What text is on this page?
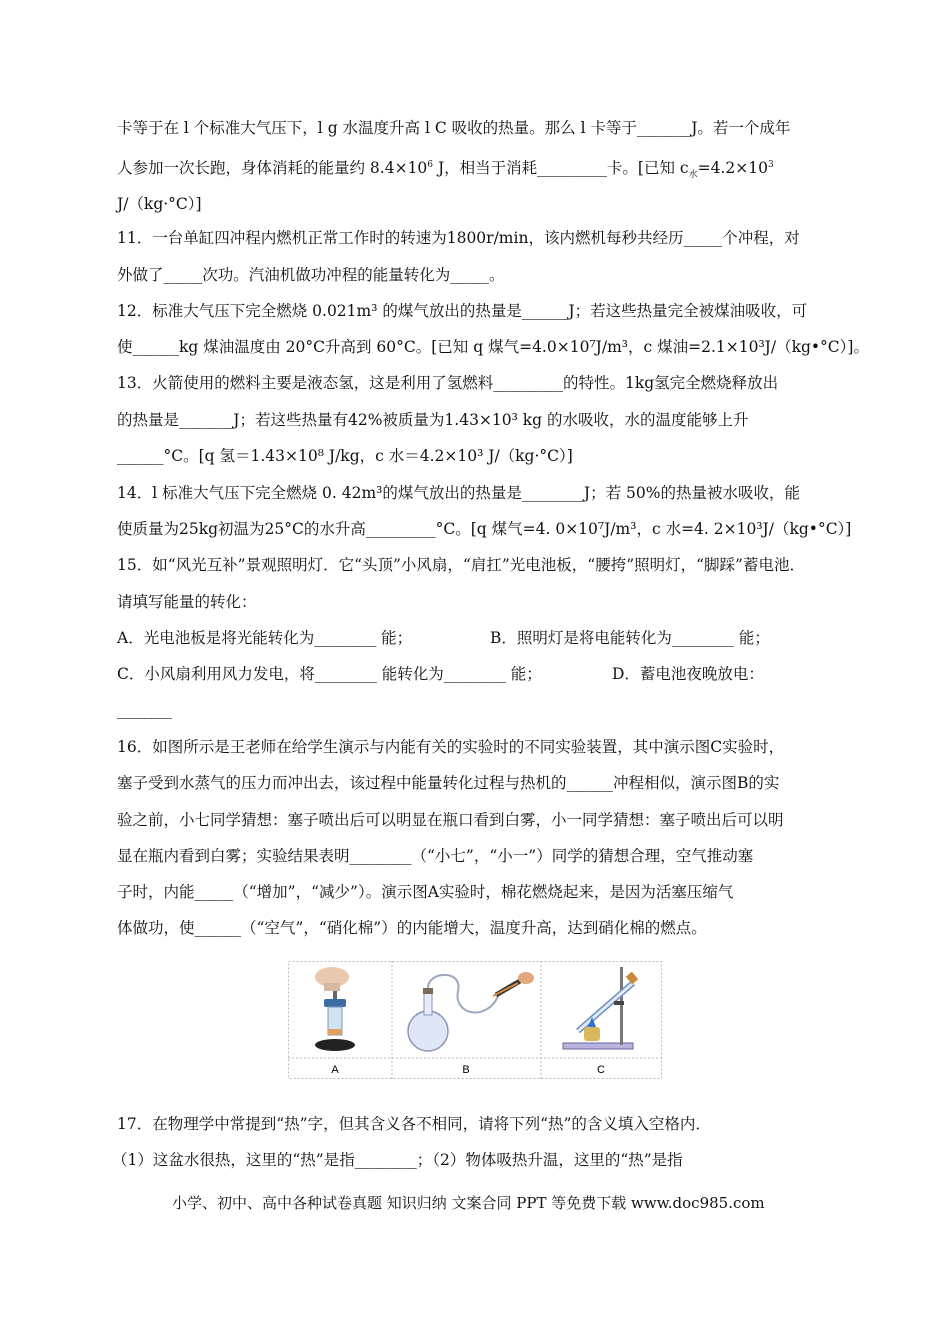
卡等于在 l 个标准大气压下，l g 水温度升高 l C 吸收的热量。那么 l 卡等于_______J。若一个成年
人参加一次长跑，身体消耗的能量约 $8.4\times 10^6$ J，相当于消耗_________卡。[已知 $c_水=4.2\times 10^3$
J/（kg·°C）]
11．一台单缸四冲程内燃机正常工作时的转速为1800r/min，该内燃机每秒共经历_____个冲程，对
外做了_____次功。汽油机做功冲程的能量转化为_____。
12．标准大气压下完全燃烧 0.021m³ 的煤气放出的热量是______J；若这些热量完全被煤油吸收，可
使______kg 煤油温度由 20°C升高到 60°C。[已知 q 煤气=4.0×10⁷J/m³，c 煤油=2.1×10³J/（kg•°C）]。
13．火箭使用的燃料主要是液态氢，这是利用了氢燃料_________的特性。1kg氢完全燃烧释放出
的热量是_______J；若这些热量有42%被质量为1.43×10³ kg 的水吸收，水的温度能够上升
______°C。[q 氢＝1.43×10⁸ J/kg，c 水＝4.2×10³ J/（kg·°C）]
14．l 标准大气压下完全燃烧 0. 42m³的煤气放出的热量是________J；若 50%的热量被水吸收，能
使质量为25kg初温为25°C的水升高_________°C。[q 煤气=4. 0×10⁷J/m³，c 水=4. 2×10³J/（kg•°C）]
15．如“风光互补”景观照明灯．它“头顶”小风扇，“肩扛”光电池板，“腰挎”照明灯，“脚踩”蓄电池．
请填写能量的转化：
A．光电池板是将光能转化为________ 能；	B．照明灯是将电能转化为________ 能；
C．小风扇利用风力发电，将________ 能转化为________ 能；	D．蓄电池夜晚放电：
________
16．如图所示是王老师在给学生演示与内能有关的实验时的不同实验装置，其中演示图C实验时，
塞子受到水蒸气的压力而冲出去，该过程中能量转化过程与热机的______冲程相似，演示图B的实
验之前，小七同学猜想：塞子喷出后可以明显在瓶口看到白雾，小一同学猜想：塞子喷出后可以明
显在瓶内看到白雾；实验结果表明________（“小七”，“小一”）同学的猜想合理，空气推动塞
子时，内能_____（“增加”，“减少”）。演示图A实验时，棉花燃烧起来，是因为活塞压缩气
体做功，使______（“空气”，“硝化棉”）的内能增大，温度升高，达到硝化棉的燃点。
A	B	C
17．在物理学中常提到“热”字，但其含义各不相同，请将下列“热”的含义填入空格内．
（1）这盆水很热，这里的“热”是指________；（2）物体吸热升温，这里的“热”是指
小学、初中、高中各种试卷真题 知识归纳 文案合同 PPT 等免费下载 www.doc985.com
